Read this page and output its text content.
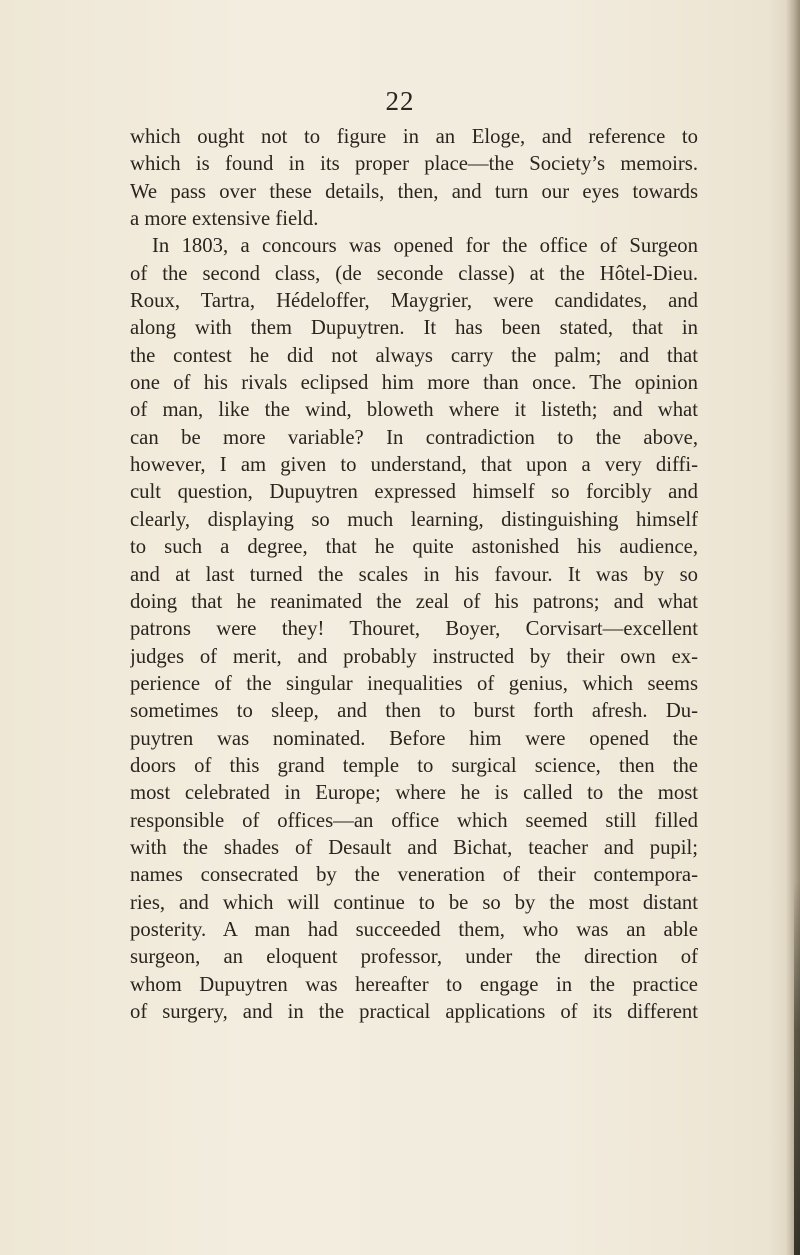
22
which ought not to figure in an Eloge, and reference to
which is found in its proper place—the Society’s memoirs.
We pass over these details, then, and turn our eyes towards
a more extensive field.
In 1803, a concours was opened for the office of Surgeon
of the second class, (de seconde classe) at the Hôtel-Dieu.
Roux, Tartra, Hédeloffer, Maygrier, were candidates, and
along with them Dupuytren. It has been stated, that in
the contest he did not always carry the palm; and that
one of his rivals eclipsed him more than once. The opinion
of man, like the wind, bloweth where it listeth; and what
can be more variable? In contradiction to the above,
however, I am given to understand, that upon a very diffi-
cult question, Dupuytren expressed himself so forcibly and
clearly, displaying so much learning, distinguishing himself
to such a degree, that he quite astonished his audience,
and at last turned the scales in his favour. It was by so
doing that he reanimated the zeal of his patrons; and what
patrons were they! Thouret, Boyer, Corvisart—excellent
judges of merit, and probably instructed by their own ex-
perience of the singular inequalities of genius, which seems
sometimes to sleep, and then to burst forth afresh. Du-
puytren was nominated. Before him were opened the
doors of this grand temple to surgical science, then the
most celebrated in Europe; where he is called to the most
responsible of offices—an office which seemed still filled
with the shades of Desault and Bichat, teacher and pupil;
names consecrated by the veneration of their contempora-
ries, and which will continue to be so by the most distant
posterity. A man had succeeded them, who was an able
surgeon, an eloquent professor, under the direction of
whom Dupuytren was hereafter to engage in the practice
of surgery, and in the practical applications of its different
